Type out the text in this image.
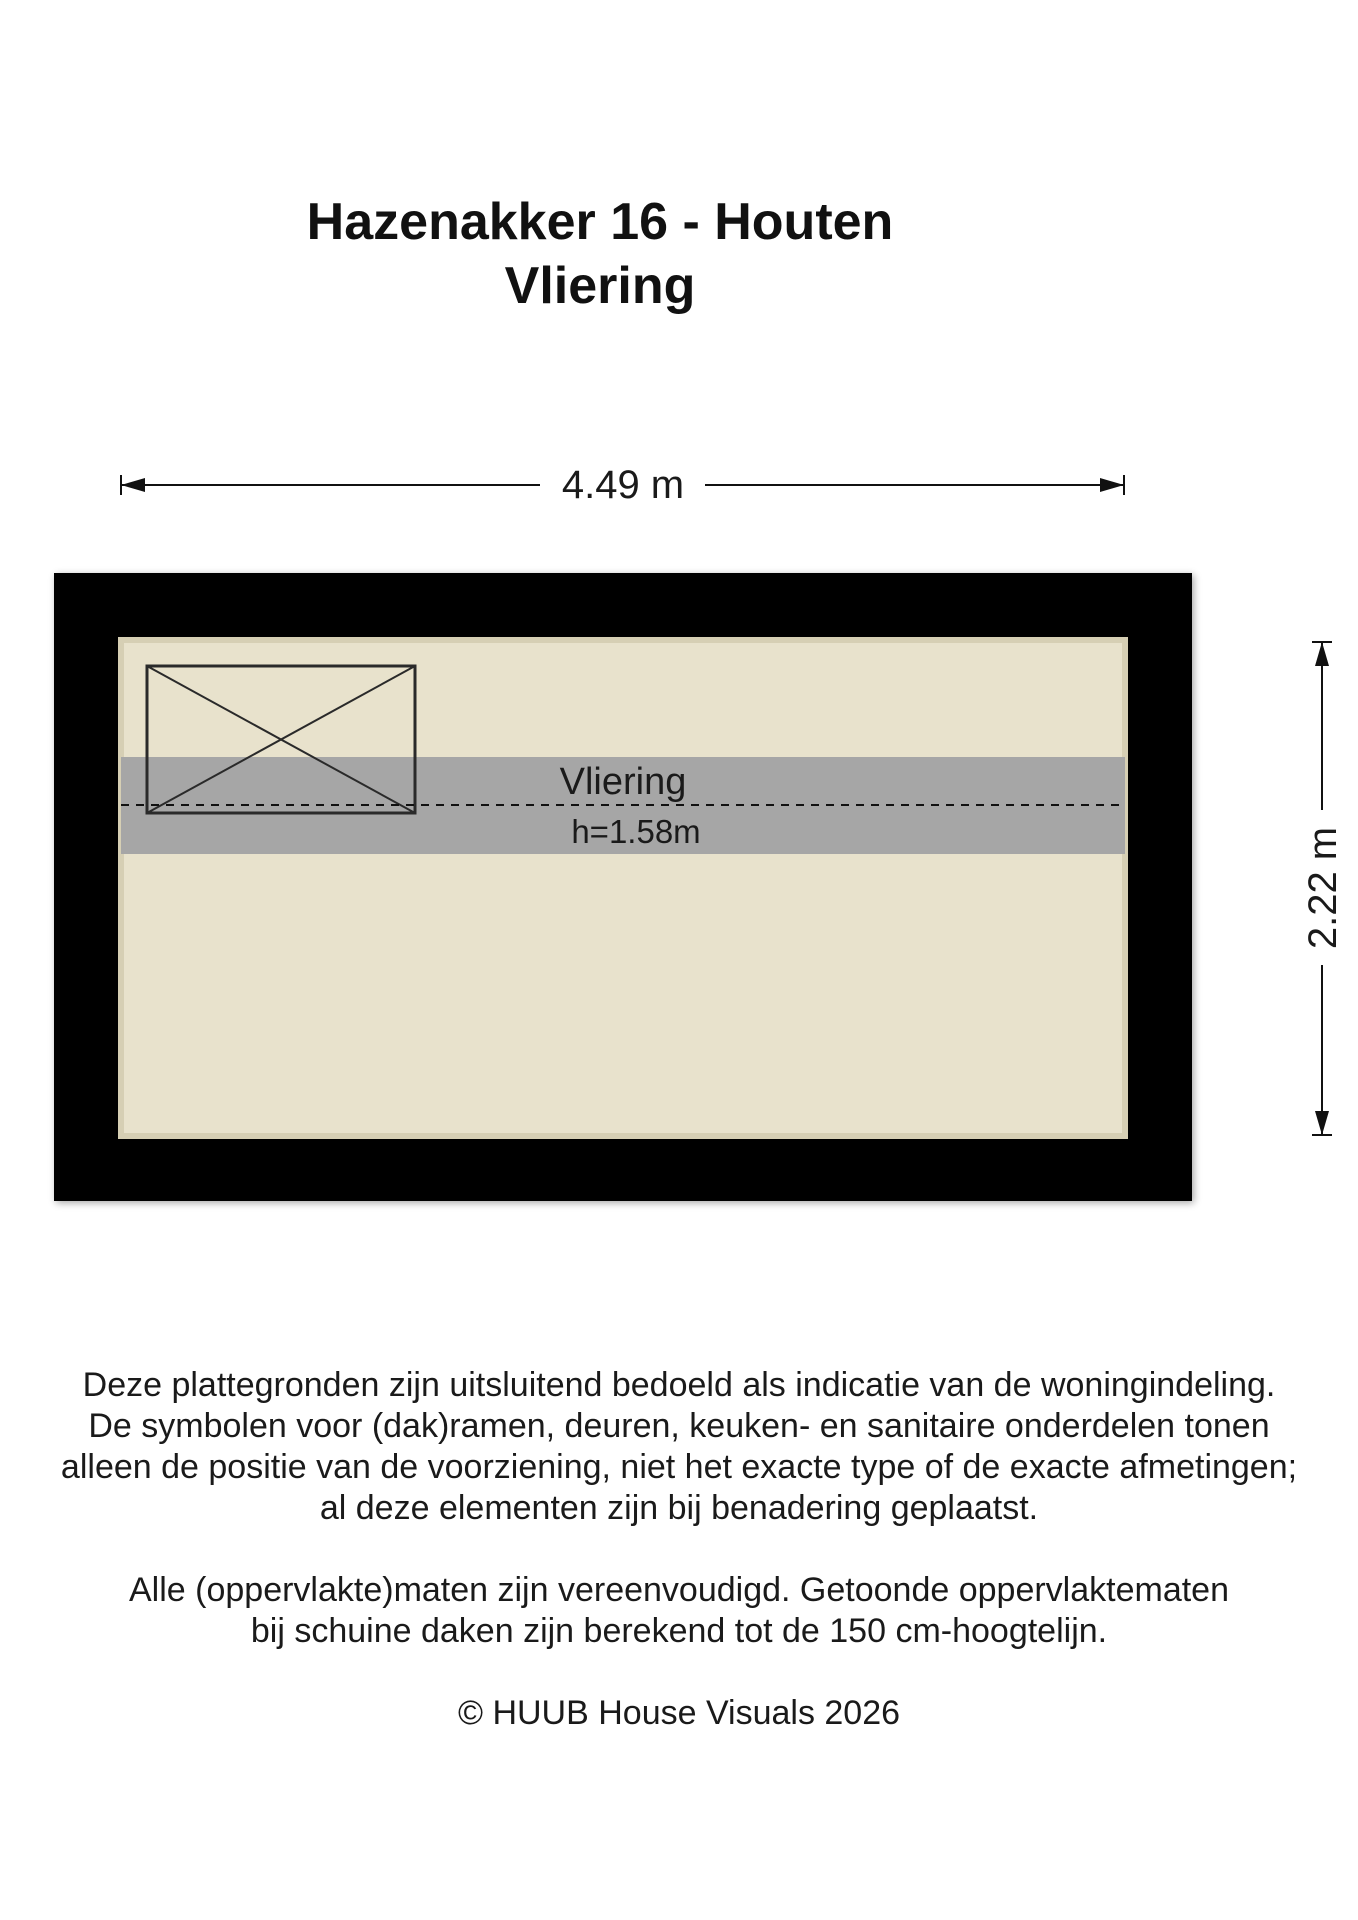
Hazenakker 16 - Houten
Vliering
4.49 m
2.22 m
Vliering
h=1.58m

Deze plattegronden zijn uitsluitend bedoeld als indicatie van de woningindeling.

De symbolen voor (dak)ramen, deuren, keuken- en sanitaire onderdelen tonen

alleen de positie van de voorziening, niet het exacte type of de exacte afmetingen;

al deze elementen zijn bij benadering geplaatst.

Alle (oppervlakte)maten zijn vereenvoudigd. Getoonde oppervlaktematen

bij schuine daken zijn berekend tot de 150 cm-hoogtelijn.

© HUUB House Visuals 2026
